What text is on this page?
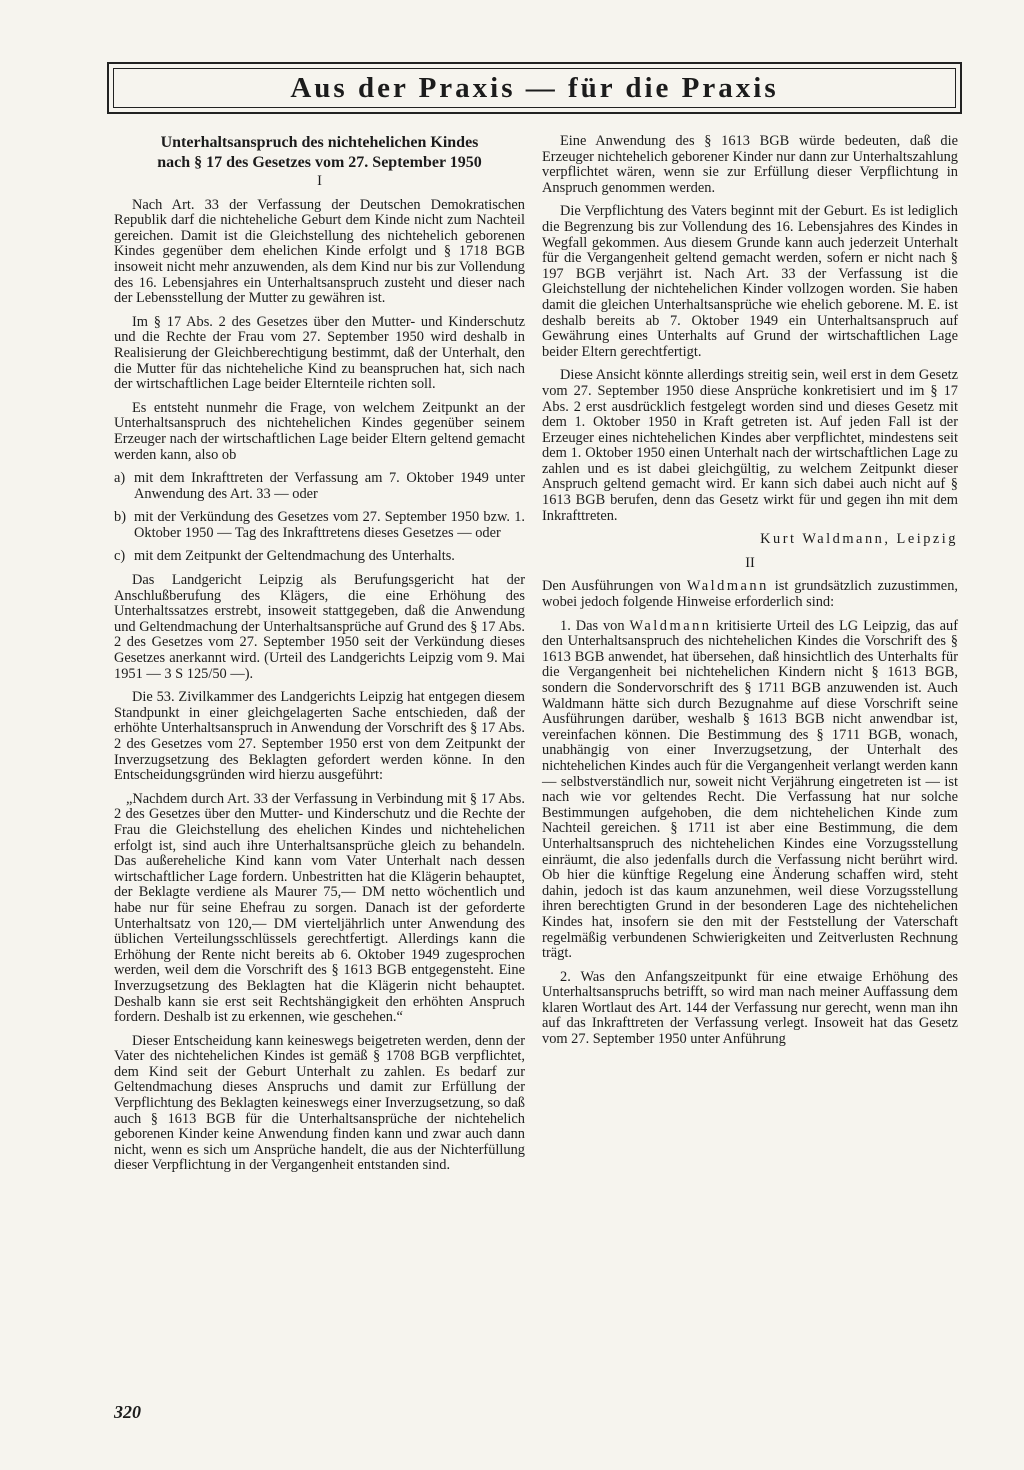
Aus der Praxis — für die Praxis
Unterhaltsanspruch des nichtehelichen Kindes
nach § 17 des Gesetzes vom 27. September 1950

I

Nach Art. 33 der Verfassung der Deutschen Demokratischen Republik darf die nichteheliche Geburt dem Kinde nicht zum Nachteil gereichen. Damit ist die Gleichstellung des nichtehelich geborenen Kindes gegenüber dem ehelichen Kinde erfolgt und § 1718 BGB insoweit nicht mehr anzuwenden, als dem Kind nur bis zur Vollendung des 16. Lebensjahres ein Unterhaltsanspruch zusteht und dieser nach der Lebensstellung der Mutter zu gewähren ist.

Im § 17 Abs. 2 des Gesetzes über den Mutter- und Kinderschutz und die Rechte der Frau vom 27. September 1950 wird deshalb in Realisierung der Gleichberechtigung bestimmt, daß der Unterhalt, den die Mutter für das nichteheliche Kind zu beanspruchen hat, sich nach der wirtschaftlichen Lage beider Elternteile richten soll.

Es entsteht nunmehr die Frage, von welchem Zeitpunkt an der Unterhaltsanspruch des nichtehelichen Kindes gegenüber seinem Erzeuger nach der wirtschaftlichen Lage beider Eltern geltend gemacht werden kann, also ob

a) mit dem Inkrafttreten der Verfassung am 7. Oktober 1949 unter Anwendung des Art. 33 — oder
b) mit der Verkündung des Gesetzes vom 27. September 1950 bzw. 1. Oktober 1950 — Tag des Inkrafttretens dieses Gesetzes — oder
c) mit dem Zeitpunkt der Geltendmachung des Unterhalts.

Das Landgericht Leipzig als Berufungsgericht hat der Anschlußberufung des Klägers, die eine Erhöhung des Unterhaltssatzes erstrebt, insoweit stattgegeben, daß die Anwendung und Geltendmachung der Unterhaltsansprüche auf Grund des § 17 Abs. 2 des Gesetzes vom 27. September 1950 seit der Verkündung dieses Gesetzes anerkannt wird. (Urteil des Landgerichts Leipzig vom 9. Mai 1951 — 3 S 125/50 —).

Die 53. Zivilkammer des Landgerichts Leipzig hat entgegen diesem Standpunkt in einer gleichgelagerten Sache entschieden, daß der erhöhte Unterhaltsanspruch in Anwendung der Vorschrift des § 17 Abs. 2 des Gesetzes vom 27. September 1950 erst von dem Zeitpunkt der Inverzugsetzung des Beklagten gefordert werden könne. In den Entscheidungsgründen wird hierzu ausgeführt:

„Nachdem durch Art. 33 der Verfassung in Verbindung mit § 17 Abs. 2 des Gesetzes über den Mutter- und Kinderschutz und die Rechte der Frau die Gleichstellung des ehelichen Kindes und nichtehelichen erfolgt ist, sind auch ihre Unterhaltsansprüche gleich zu behandeln. Das außereheliche Kind kann vom Vater Unterhalt nach dessen wirtschaftlicher Lage fordern. Unbestritten hat die Klägerin behauptet, der Beklagte verdiene als Maurer 75,— DM netto wöchentlich und habe nur für seine Ehefrau zu sorgen. Danach ist der geforderte Unterhaltsatz von 120,— DM vierteljährlich unter Anwendung des üblichen Verteilungsschlüssels gerechtfertigt. Allerdings kann die Erhöhung der Rente nicht bereits ab 6. Oktober 1949 zugesprochen werden, weil dem die Vorschrift des § 1613 BGB entgegensteht. Eine Inverzugsetzung des Beklagten hat die Klägerin nicht behauptet. Deshalb kann sie erst seit Rechtshängigkeit den erhöhten Anspruch fordern. Deshalb ist zu erkennen, wie geschehen.“

Dieser Entscheidung kann keineswegs beigetreten werden, denn der Vater des nichtehelichen Kindes ist gemäß § 1708 BGB verpflichtet, dem Kind seit der Geburt Unterhalt zu zahlen. Es bedarf zur Geltendmachung dieses Anspruchs und damit zur Erfüllung der Verpflichtung des Beklagten keineswegs einer Inverzugsetzung, so daß auch § 1613 BGB für die Unterhaltsansprüche der nichtehelich geborenen Kinder keine Anwendung finden kann und zwar auch dann nicht, wenn es sich um Ansprüche handelt, die aus der Nichterfüllung dieser Verpflichtung in der Vergangenheit entstanden sind.

Eine Anwendung des § 1613 BGB würde bedeuten, daß die Erzeuger nichtehelich geborener Kinder nur dann zur Unterhaltszahlung verpflichtet wären, wenn sie zur Erfüllung dieser Verpflichtung in Anspruch genommen werden.

Die Verpflichtung des Vaters beginnt mit der Geburt. Es ist lediglich die Begrenzung bis zur Vollendung des 16. Lebensjahres des Kindes in Wegfall gekommen. Aus diesem Grunde kann auch jederzeit Unterhalt für die Vergangenheit geltend gemacht werden, sofern er nicht nach § 197 BGB verjährt ist. Nach Art. 33 der Verfassung ist die Gleichstellung der nichtehelichen Kinder vollzogen worden. Sie haben damit die gleichen Unterhaltsansprüche wie ehelich geborene. M. E. ist deshalb bereits ab 7. Oktober 1949 ein Unterhaltsanspruch auf Gewährung eines Unterhalts auf Grund der wirtschaftlichen Lage beider Eltern gerechtfertigt.

Diese Ansicht könnte allerdings streitig sein, weil erst in dem Gesetz vom 27. September 1950 diese Ansprüche konkretisiert und im § 17 Abs. 2 erst ausdrücklich festgelegt worden sind und dieses Gesetz mit dem 1. Oktober 1950 in Kraft getreten ist. Auf jeden Fall ist der Erzeuger eines nichtehelichen Kindes aber verpflichtet, mindestens seit dem 1. Oktober 1950 einen Unterhalt nach der wirtschaftlichen Lage zu zahlen und es ist dabei gleichgültig, zu welchem Zeitpunkt dieser Anspruch geltend gemacht wird. Er kann sich dabei auch nicht auf § 1613 BGB berufen, denn das Gesetz wirkt für und gegen ihn mit dem Inkrafttreten.

Kurt Waldmann, Leipzig

II

Den Ausführungen von Waldmann ist grundsätzlich zuzustimmen, wobei jedoch folgende Hinweise erforderlich sind:

1. Das von Waldmann kritisierte Urteil des LG Leipzig, das auf den Unterhaltsanspruch des nichtehelichen Kindes die Vorschrift des § 1613 BGB anwendet, hat übersehen, daß hinsichtlich des Unterhalts für die Vergangenheit bei nichtehelichen Kindern nicht § 1613 BGB, sondern die Sondervorschrift des § 1711 BGB anzuwenden ist. Auch Waldmann hätte sich durch Bezugnahme auf diese Vorschrift seine Ausführungen darüber, weshalb § 1613 BGB nicht anwendbar ist, vereinfachen können. Die Bestimmung des § 1711 BGB, wonach, unabhängig von einer Inverzugsetzung, der Unterhalt des nichtehelichen Kindes auch für die Vergangenheit verlangt werden kann — selbstverständlich nur, soweit nicht Verjährung eingetreten ist — ist nach wie vor geltendes Recht. Die Verfassung hat nur solche Bestimmungen aufgehoben, die dem nichtehelichen Kinde zum Nachteil gereichen. § 1711 ist aber eine Bestimmung, die dem Unterhaltsanspruch des nichtehelichen Kindes eine Vorzugsstellung einräumt, die also jedenfalls durch die Verfassung nicht berührt wird. Ob hier die künftige Regelung eine Änderung schaffen wird, steht dahin, jedoch ist das kaum anzunehmen, weil diese Vorzugsstellung ihren berechtigten Grund in der besonderen Lage des nichtehelichen Kindes hat, insofern sie den mit der Feststellung der Vaterschaft regelmäßig verbundenen Schwierigkeiten und Zeitverlusten Rechnung trägt.

2. Was den Anfangszeitpunkt für eine etwaige Erhöhung des Unterhaltsanspruchs betrifft, so wird man nach meiner Auffassung dem klaren Wortlaut des Art. 144 der Verfassung nur gerecht, wenn man ihn auf das Inkrafttreten der Verfassung verlegt. Insoweit hat das Gesetz vom 27. September 1950 unter Anführung

320
